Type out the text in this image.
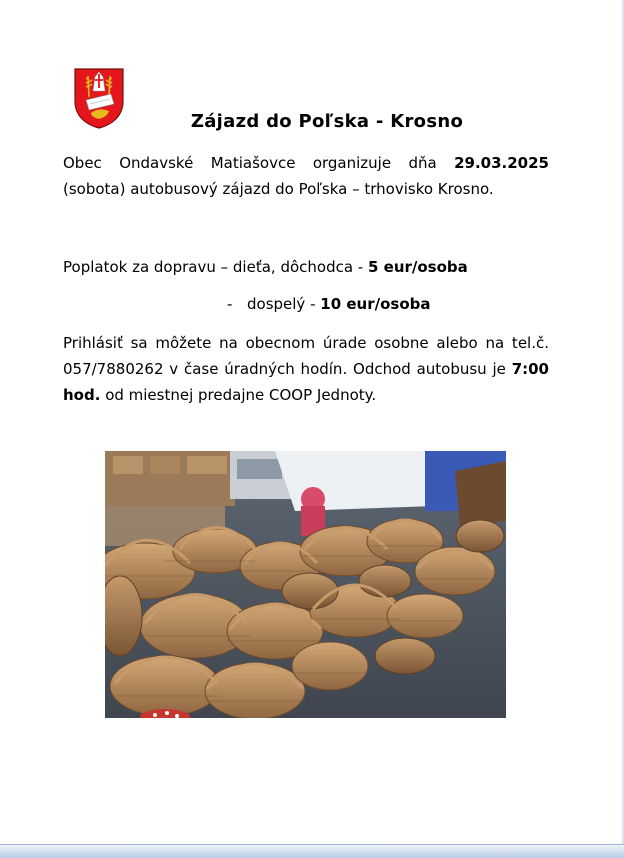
Zájazd do Poľska - Krosno
Obec Ondavské Matiašovce organizuje dňa 29.03.2025 (sobota) autobusový zájazd do Poľska – trhovisko Krosno.
Poplatok za dopravu – dieťa, dôchodca - 5 eur/osoba
- dospelý - 10 eur/osoba
Prihlásiť sa môžete na obecnom úrade osobne alebo na tel.č. 057/7880262 v čase úradných hodín. Odchod autobusu je 7:00 hod. od miestnej predajne COOP Jednoty.
